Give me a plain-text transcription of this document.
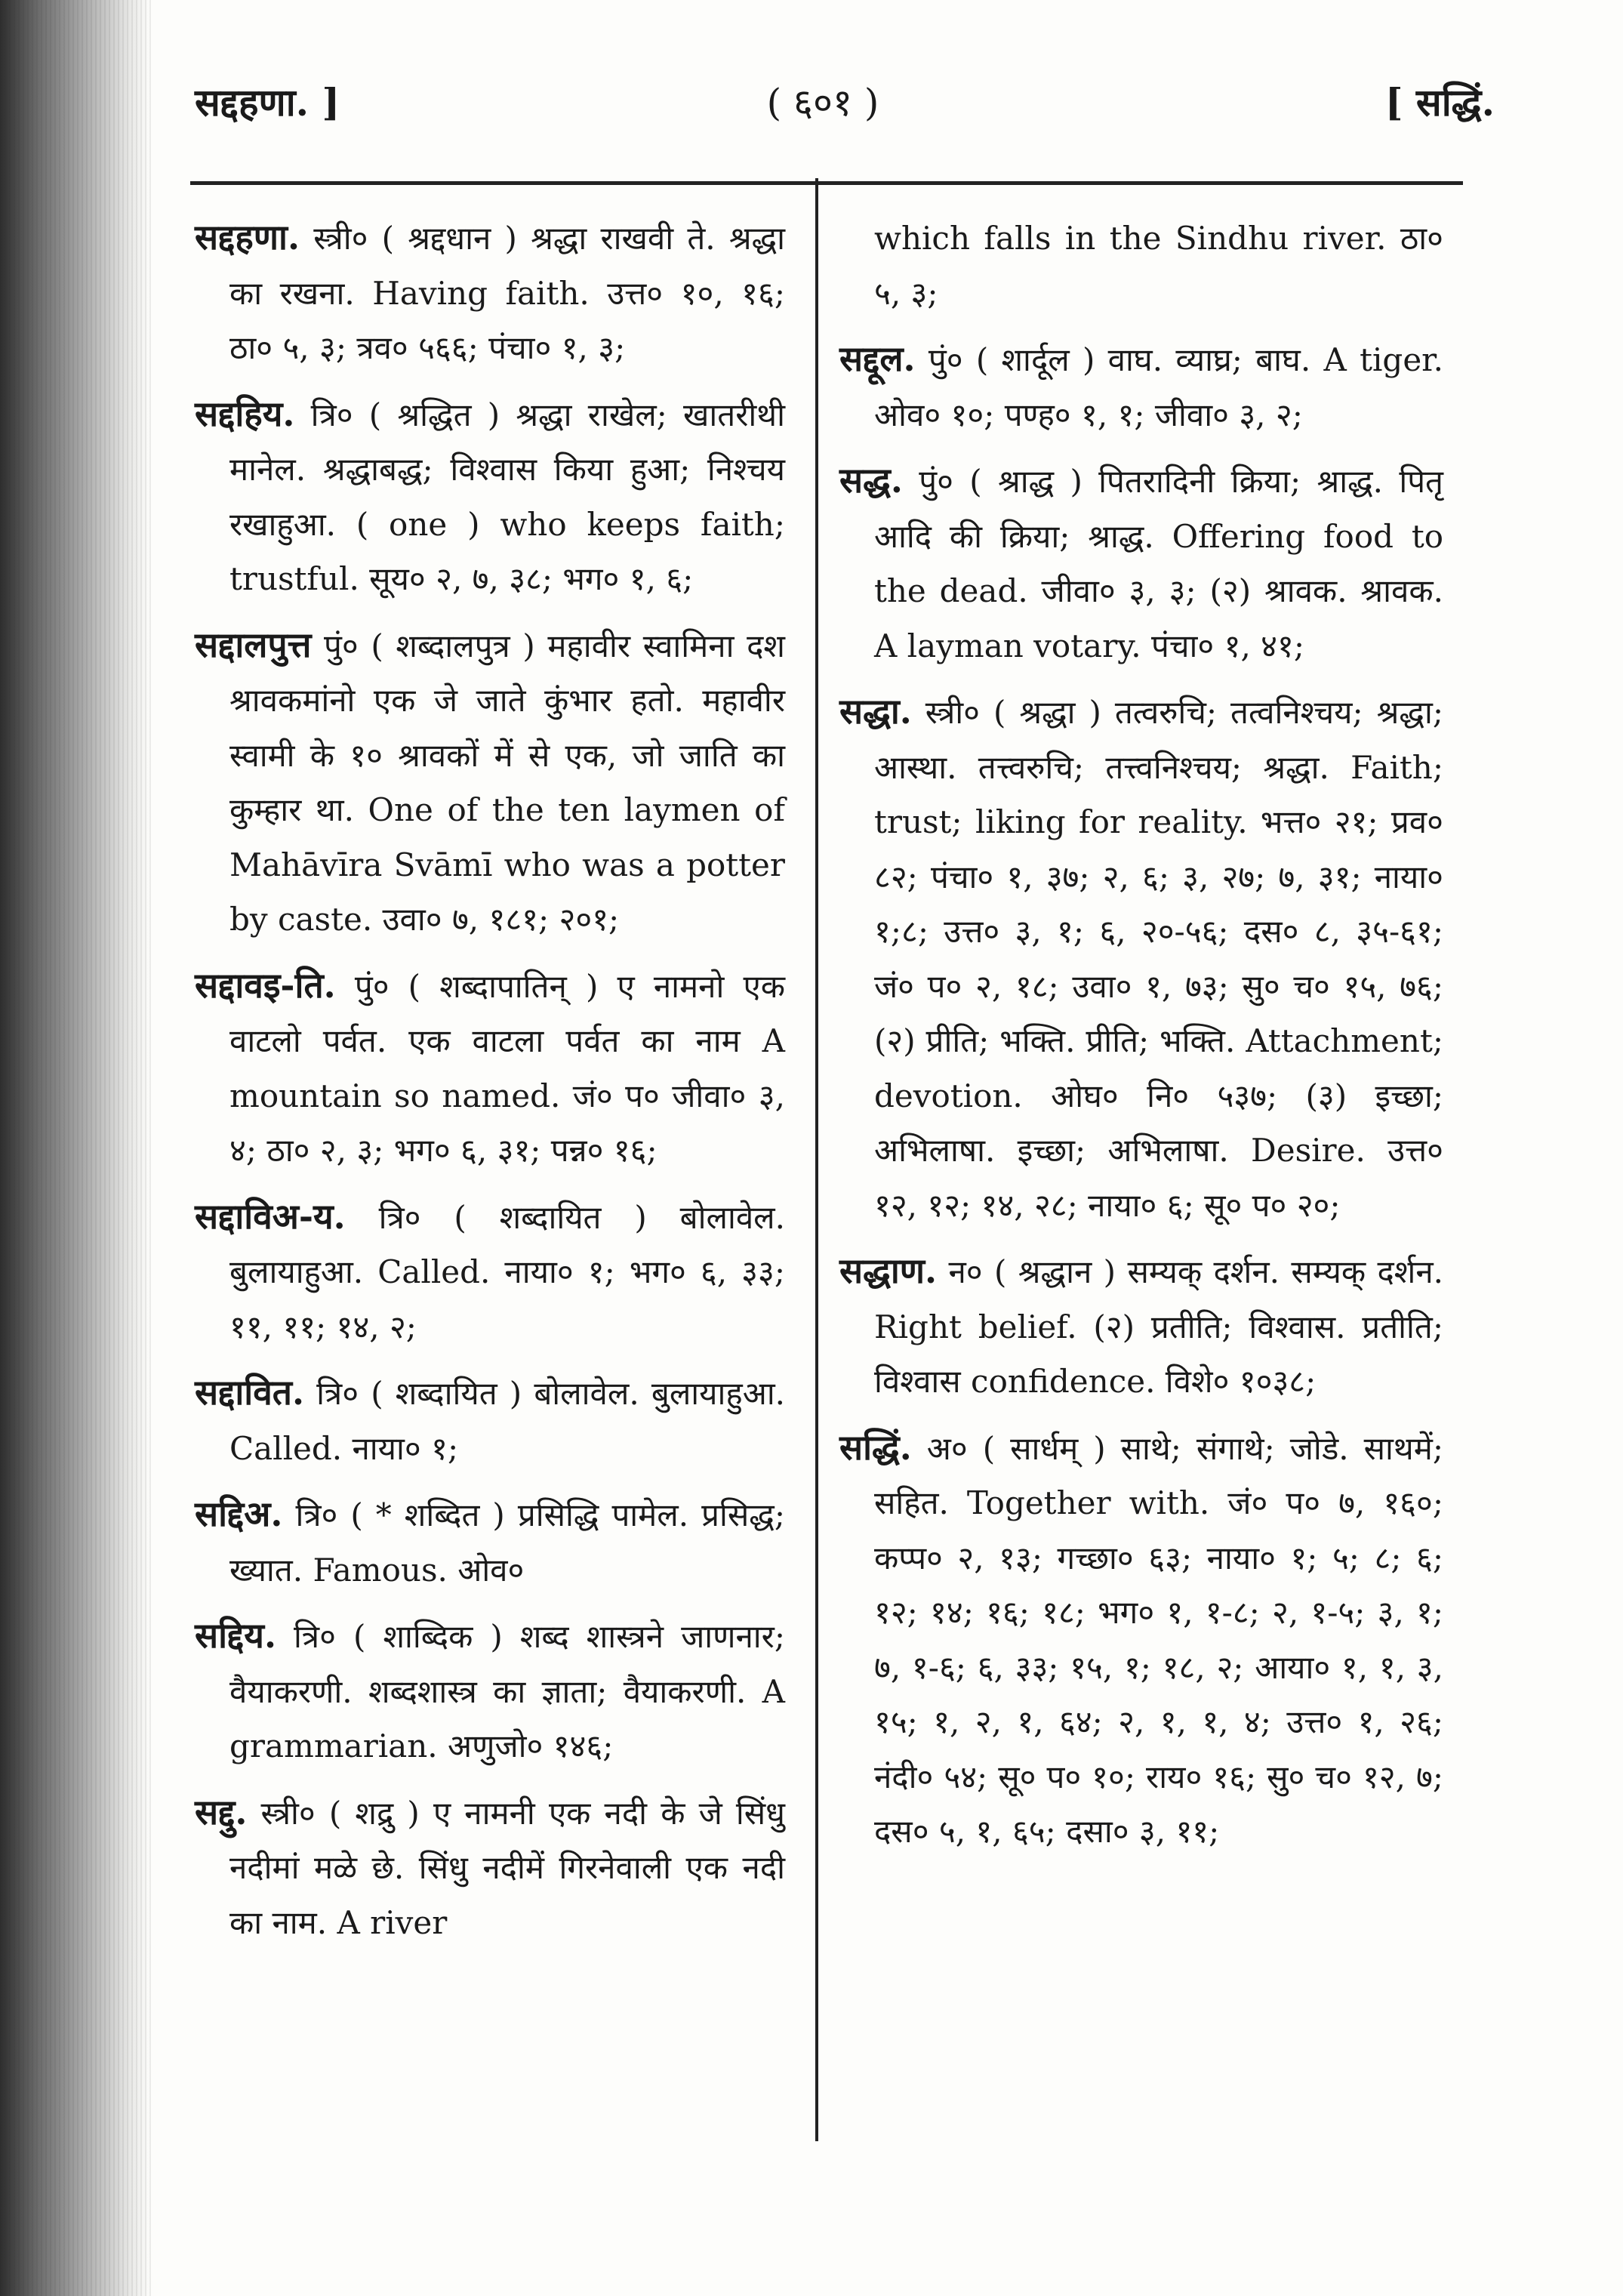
सद्दहणा. ]	( ६०१ )	[ सद्धिं.

सद्दहणा. स्त्री० ( श्रद्दधान ) श्रद्धा राखवी ते. श्रद्धा का रखना. Having faith. उत्त० १०, १६; ठा० ५, ३; त्रव० ५६६; पंचा० १, ३;

सद्दहिय. त्रि० ( श्रद्धित ) श्रद्धा राखेल; खातरीथी मानेल. श्रद्धाबद्ध; विश्वास किया हुआ; निश्चय रखाहुआ. ( one ) who keeps faith; trustful. सूय० २, ७, ३८; भग० १, ६;

सद्दालपुत्त पुं० ( शब्दालपुत्र ) महावीर स्वामिना दश श्रावकमांनो एक जे जाते कुंभार हतो. महावीर स्वामी के १० श्रावकों में से एक, जो जाति का कुम्हार था. One of the ten laymen of Mahāvīra Svāmī who was a potter by caste. उवा० ७, १८१; २०१;

सद्दावइ-ति. पुं० ( शब्दापातिन् ) ए नामनो एक वाटलो पर्वत. एक वाटला पर्वत का नाम A mountain so named. जं० प० जीवा० ३, ४; ठा० २, ३; भग० ६, ३१; पन्न० १६;

सद्दाविअ-य. त्रि० ( शब्दायित ) बोलावेल. बुलायाहुआ. Called. नाया० १; भग० ६, ३३; ११, ११; १४, २;

सद्दावित. त्रि० ( शब्दायित ) बोलावेल. बुलायाहुआ. Called. नाया० १;

सद्दिअ. त्रि० ( * शब्दित ) प्रसिद्धि पामेल. प्रसिद्ध; ख्यात. Famous. ओव०

सद्दिय. त्रि० ( शाब्दिक ) शब्द शास्त्रने जाणनार; वैयाकरणी. शब्दशास्त्र का ज्ञाता; वैयाकरणी. A grammarian. अणुजो० १४६;

सद्दु. स्त्री० ( शद्रु ) ए नामनी एक नदी के जे सिंधु नदीमां मळे छे. सिंधु नदीमें गिरनेवाली एक नदी का नाम. A river

which falls in the Sindhu river. ठा० ५, ३;

सद्दूल. पुं० ( शार्दूल ) वाघ. व्याघ्र; बाघ. A tiger. ओव० १०; पण्ह० १, १; जीवा० ३, २;

सद्ध. पुं० ( श्राद्ध ) पितरादिनी क्रिया; श्राद्ध. पितृ आदि की क्रिया; श्राद्ध. Offering food to the dead. जीवा० ३, ३; (२) श्रावक. श्रावक. A layman votary. पंचा० १, ४१;

सद्धा. स्त्री० ( श्रद्धा ) तत्वरुचि; तत्वनिश्चय; श्रद्धा; आस्था. तत्त्वरुचि; तत्त्वनिश्चय; श्रद्धा. Faith; trust; liking for reality. भत्त० २१; प्रव० ८२; पंचा० १, ३७; २, ६; ३, २७; ७, ३१; नाया० १;८; उत्त० ३, १; ६, २०-५६; दस० ८, ३५-६१; जं० प० २, १८; उवा० १, ७३; सु० च० १५, ७६; (२) प्रीति; भक्ति. प्रीति; भक्ति. Attachment; devotion. ओघ० नि० ५३७; (३) इच्छा; अभिलाषा. इच्छा; अभिलाषा. Desire. उत्त० १२, १२; १४, २८; नाया० ६; सू० प० २०;

सद्धाण. न० ( श्रद्धान ) सम्यक् दर्शन. सम्यक् दर्शन. Right belief. (२) प्रतीति; विश्वास. प्रतीति; विश्वास confidence. विशे० १०३८;

सद्धिं. अ० ( सार्धम् ) साथे; संगाथे; जोडे. साथमें; सहित. Together with. जं० प० ७, १६०; कप्प० २, १३; गच्छा० ६३; नाया० १; ५; ८; ६; १२; १४; १६; १८; भग० १, १-८; २, १-५; ३, १; ७, १-६; ६, ३३; १५, १; १८, २; आया० १, १, ३, १५; १, २, १, ६४; २, १, १, ४; उत्त० १, २६; नंदी० ५४; सू० प० १०; राय० १६; सु० च० १२, ७; दस० ५, १, ६५; दसा० ३, ११;
